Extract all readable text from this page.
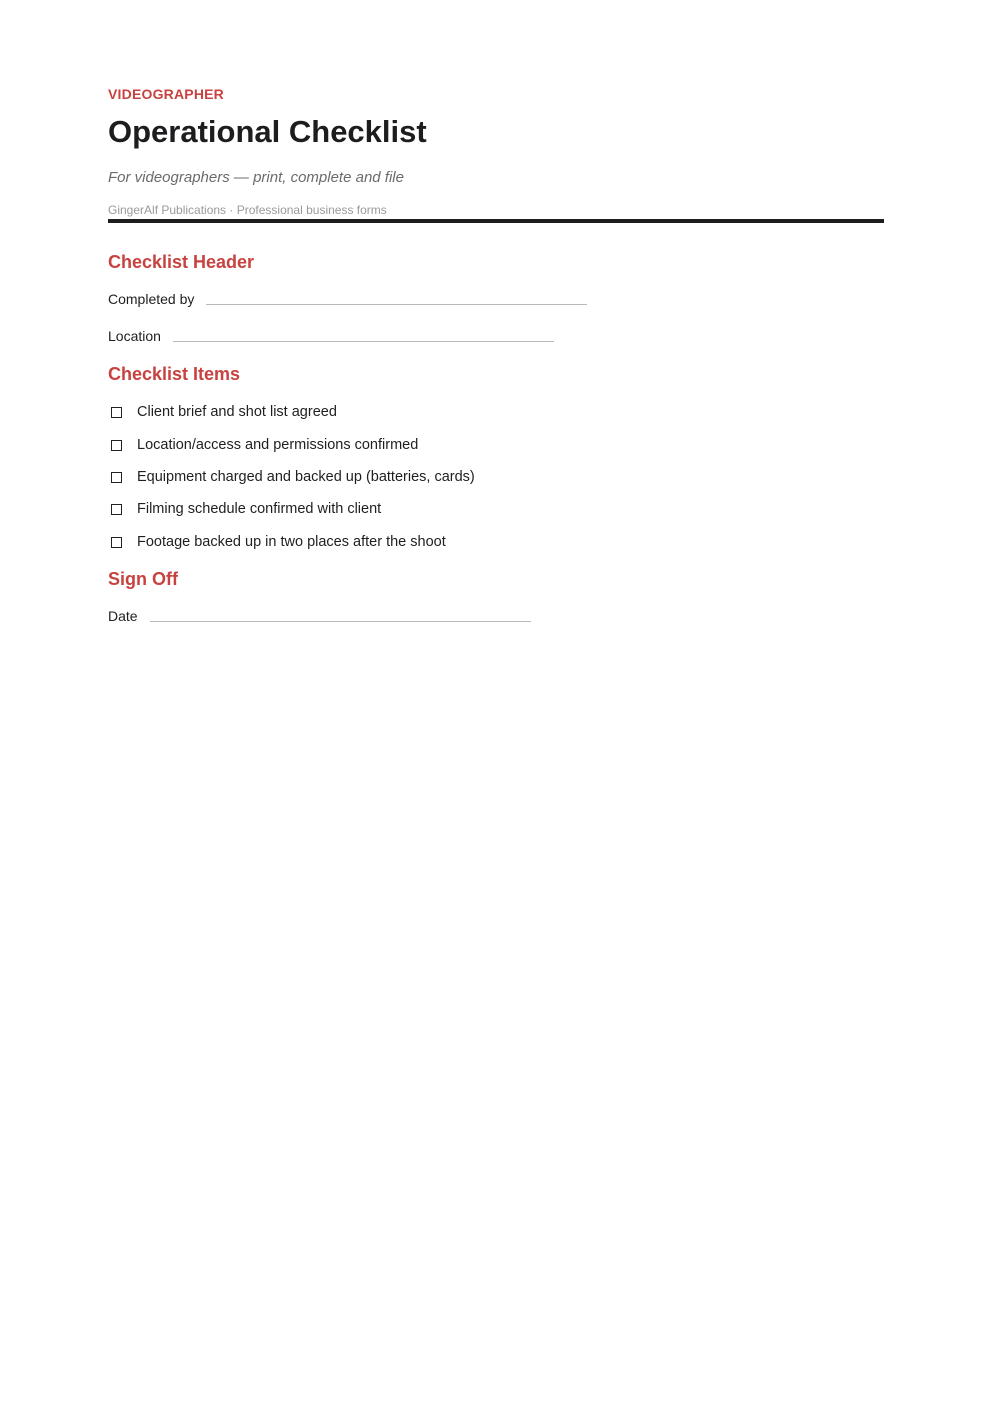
VIDEOGRAPHER
Operational Checklist
For videographers — print, complete and file
GingerAlf Publications · Professional business forms
Checklist Header
Completed by
Location
Checklist Items
Client brief and shot list agreed
Location/access and permissions confirmed
Equipment charged and backed up (batteries, cards)
Filming schedule confirmed with client
Footage backed up in two places after the shoot
Sign Off
Date
